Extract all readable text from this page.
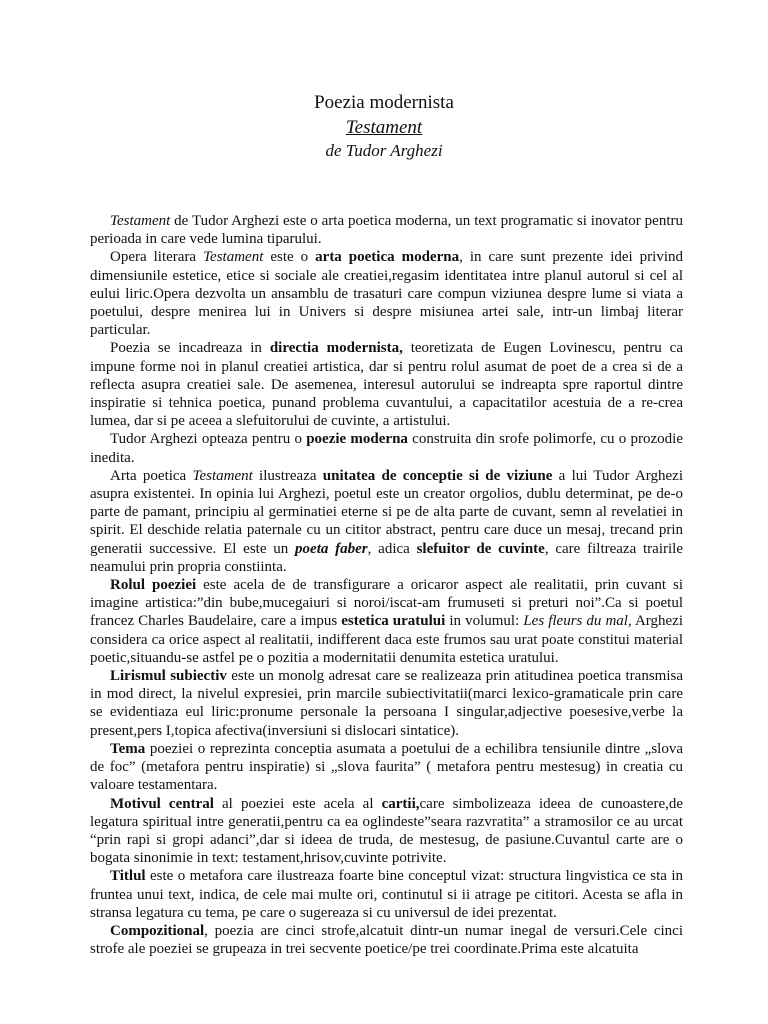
Poezia modernista
Testament
de Tudor Arghezi

Testament de Tudor Arghezi este o arta poetica moderna, un text programatic si inovator pentru perioada in care vede lumina tiparului.

Opera literara Testament este o arta poetica moderna, in care sunt prezente idei privind dimensiunile estetice, etice si sociale ale creatiei,regasim identitatea intre planul autorul si cel al eului liric.Opera dezvolta un ansamblu de trasaturi care compun viziunea despre lume si viata a poetului, despre menirea lui in Univers si despre misiunea artei sale, intr-un limbaj literar particular.

Poezia se incadreaza in directia modernista, teoretizata de Eugen Lovinescu, pentru ca impune forme noi in planul creatiei artistica, dar si pentru rolul asumat de poet de a crea si de a reflecta asupra creatiei sale. De asemenea, interesul autorului se indreapta spre raportul dintre inspiratie si tehnica poetica, punand problema cuvantului, a capacitatilor acestuia de a re-crea lumea, dar si pe aceea a slefuitorului de cuvinte, a artistului.

Tudor Arghezi opteaza pentru o poezie moderna construita din srofe polimorfe, cu o prozodie inedita.

Arta poetica Testament ilustreaza unitatea de conceptie si de viziune a lui Tudor Arghezi asupra existentei. In opinia lui Arghezi, poetul este un creator orgolios, dublu determinat, pe de-o parte de pamant, principiu al germinatiei eterne si pe de alta parte de cuvant, semn al revelatiei in spirit. El deschide relatia paternale cu un cititor abstract, pentru care duce un mesaj, trecand prin generatii successive. El este un poeta faber, adica slefuitor de cuvinte, care filtreaza trairile neamului prin propria constiinta.

Rolul poeziei este acela de de transfigurare a oricaror aspect ale realitatii, prin cuvant si imagine artistica:”din bube,mucegaiuri si noroi/iscat-am frumuseti si preturi noi”.Ca si poetul francez Charles Baudelaire, care a impus estetica uratului in volumul: Les fleurs du mal, Arghezi considera ca orice aspect al realitatii, indifferent daca este frumos sau urat poate constitui material poetic,situandu-se astfel pe o pozitia a modernitatii denumita estetica uratului.

Lirismul subiectiv este un monolg adresat care se realizeaza prin atitudinea poetica transmisa in mod direct, la nivelul expresiei, prin marcile subiectivitatii(marci lexico-gramaticale prin care se evidentiaza eul liric:pronume personale la persoana I singular,adjective poesesive,verbe la present,pers I,topica afectiva(inversiuni si dislocari sintatice).

Tema poeziei o reprezinta conceptia asumata a poetului de a echilibra tensiunile dintre „slova de foc” (metafora pentru inspiratie) si „slova faurita” ( metafora pentru mestesug) in creatia cu valoare testamentara.

Motivul central al poeziei este acela al cartii,care simbolizeaza ideea de cunoastere,de legatura spiritual intre generatii,pentru ca ea oglindeste”seara razvratita” a stramosilor ce au urcat “prin rapi si gropi adanci”,dar si ideea de truda, de mestesug, de pasiune.Cuvantul carte are o bogata sinonimie in text: testament,hrisov,cuvinte potrivite.

Titlul este o metafora care ilustreaza foarte bine conceptul vizat: structura lingvistica ce sta in fruntea unui text, indica, de cele mai multe ori, continutul si ii atrage pe cititori. Acesta se afla in stransa legatura cu tema, pe care o sugereaza si cu universul de idei prezentat.

Compozitional, poezia are cinci strofe,alcatuit dintr-un numar inegal de versuri.Cele cinci strofe ale poeziei se grupeaza in trei secvente poetice/pe trei coordinate.Prima este alcatuita
